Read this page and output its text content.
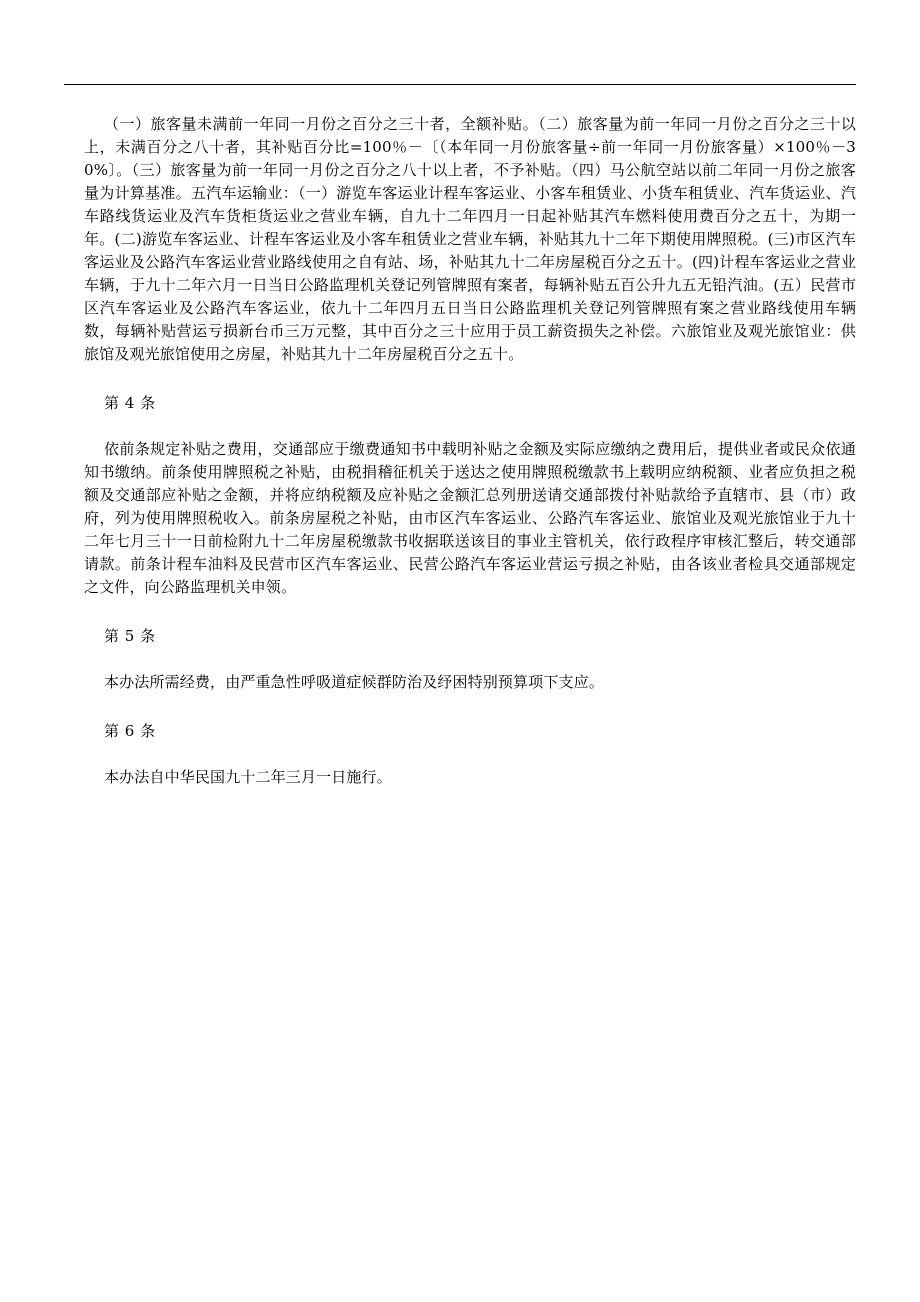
（一）旅客量未满前一年同一月份之百分之三十者，全额补贴。（二）旅客量为前一年同一月份之百分之三十以上，未满百分之八十者，其补贴百分比=100％－〔（本年同一月份旅客量÷前一年同一月份旅客量）×100％－30%〕。（三）旅客量为前一年同一月份之百分之八十以上者，不予补贴。（四）马公航空站以前二年同一月份之旅客量为计算基准。五汽车运输业：（一）游览车客运业计程车客运业、小客车租赁业、小货车租赁业、汽车货运业、汽车路线货运业及汽车货柜货运业之营业车辆，自九十二年四月一日起补贴其汽车燃料使用费百分之五十，为期一年。(二)游览车客运业、计程车客运业及小客车租赁业之营业车辆，补贴其九十二年下期使用牌照税。(三)市区汽车客运业及公路汽车客运业营业路线使用之自有站、场，补贴其九十二年房屋税百分之五十。(四)计程车客运业之营业车辆，于九十二年六月一日当日公路监理机关登记列管牌照有案者，每辆补贴五百公升九五无铅汽油。(五）民营市区汽车客运业及公路汽车客运业，依九十二年四月五日当日公路监理机关登记列管牌照有案之营业路线使用车辆数，每辆补贴营运亏损新台币三万元整，其中百分之三十应用于员工薪资损失之补偿。六旅馆业及观光旅馆业：供旅馆及观光旅馆使用之房屋，补贴其九十二年房屋税百分之五十。

第 4 条

依前条规定补贴之费用，交通部应于缴费通知书中载明补贴之金额及实际应缴纳之费用后，提供业者或民众依通知书缴纳。前条使用牌照税之补贴，由税捐稽征机关于送达之使用牌照税缴款书上载明应纳税额、业者应负担之税额及交通部应补贴之金额，并将应纳税额及应补贴之金额汇总列册送请交通部拨付补贴款给予直辖市、县（市）政府，列为使用牌照税收入。前条房屋税之补贴，由市区汽车客运业、公路汽车客运业、旅馆业及观光旅馆业于九十二年七月三十一日前检附九十二年房屋税缴款书收据联送该目的事业主管机关，依行政程序审核汇整后，转交通部请款。前条计程车油料及民营市区汽车客运业、民营公路汽车客运业营运亏损之补贴，由各该业者检具交通部规定之文件，向公路监理机关申领。

第 5 条

本办法所需经费，由严重急性呼吸道症候群防治及纾困特别预算项下支应。

第 6 条

本办法自中华民国九十二年三月一日施行。
